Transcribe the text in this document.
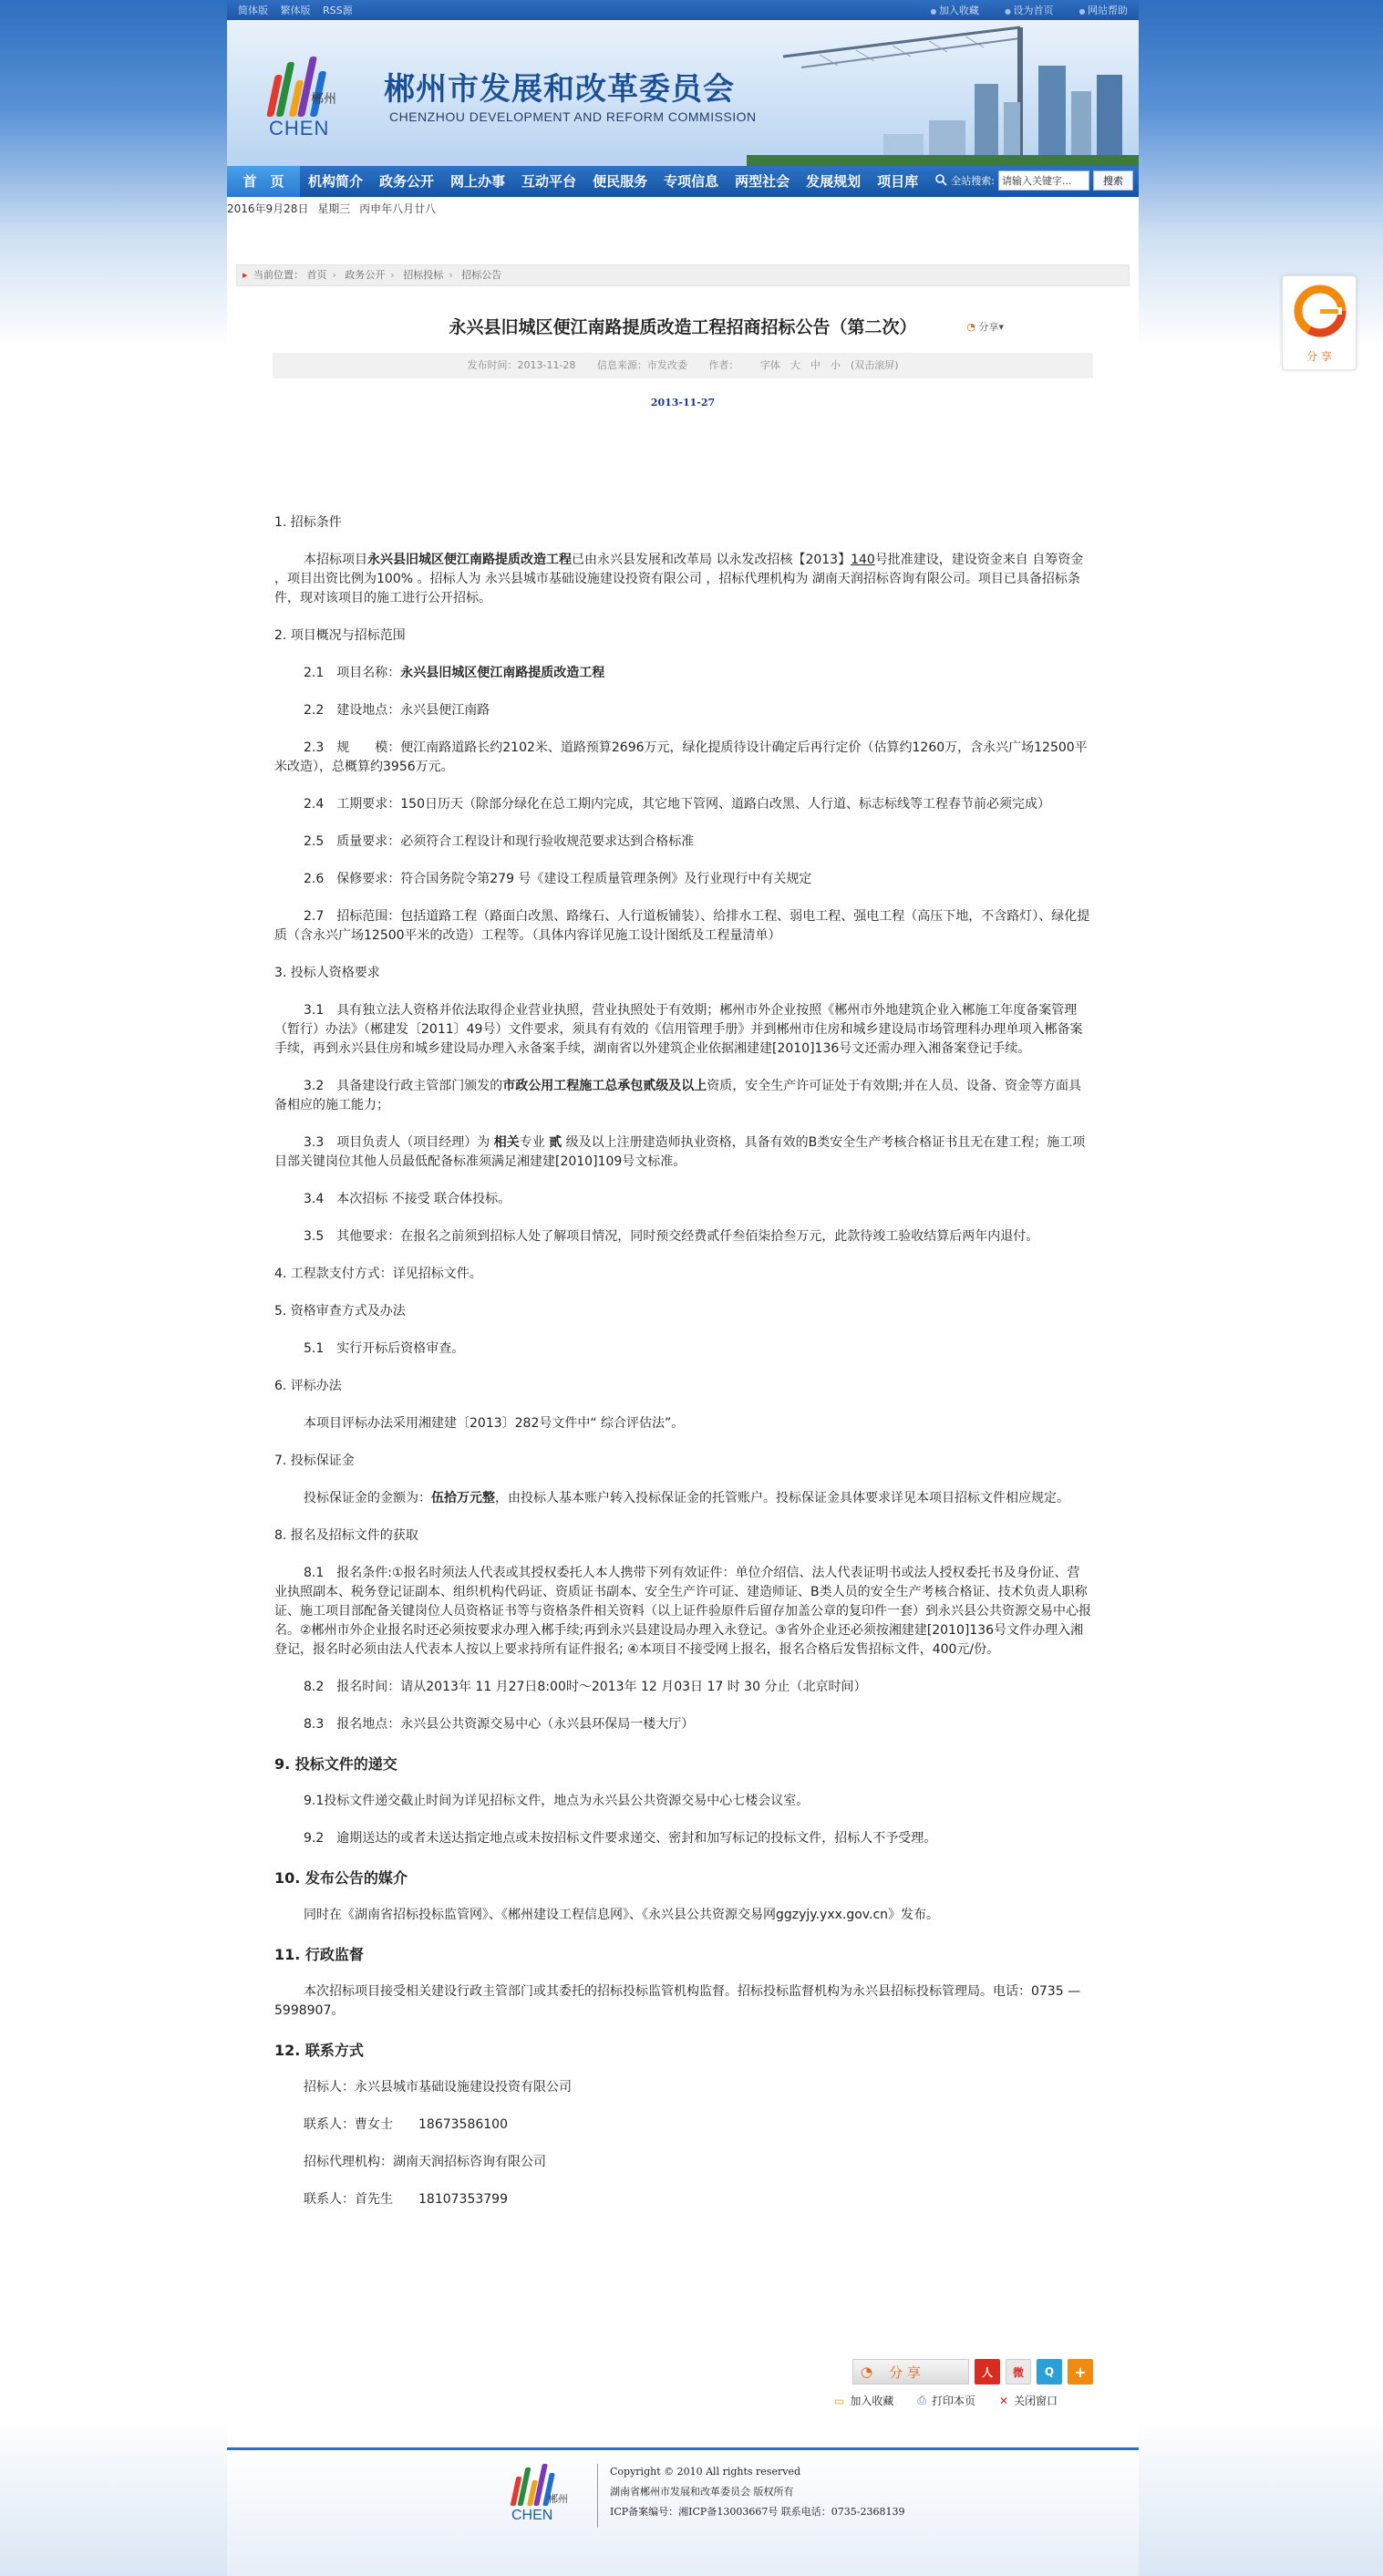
简体版 繁体版 RSS源	● 加入收藏	● 设为首页	● 网站帮助
郴州
CHEN
郴州市发展和改革委员会
CHENZHOU DEVELOPMENT AND REFORM COMMISSION
首　页	机构简介	政务公开	网上办事	互动平台	便民服务	专项信息	两型社会	发展规划	项目库	全站搜索:
请输入关键字...	搜索
2016年9月28日 星期三 丙申年八月廿八
▸ 当前位置： 首页 › 政务公开 › 招标投标 › 招标公告
永兴县旧城区便江南路提质改造工程招商招标公告（第二次）	◔ 分享▾
发布时间：2013-11-28 信息来源：市发改委 作者： 字体　大　中　小　(双击滚屏)
2013-11-27

1. 招标条件

本招标项目永兴县旧城区便江南路提质改造工程已由永兴县发展和改革局 以永发改招核【2013】140号批准建设，建设资金来自 自筹资金 ，项目出资比例为100% 。招标人为 永兴县城市基础设施建设投资有限公司 ，招标代理机构为 湖南天润招标咨询有限公司。项目已具备招标条件，现对该项目的施工进行公开招标。

2. 项目概况与招标范围

2.1　项目名称：永兴县旧城区便江南路提质改造工程

2.2　建设地点：永兴县便江南路

2.3　规　　模：便江南路道路长约2102米、道路预算2696万元，绿化提质待设计确定后再行定价（估算约1260万，含永兴广场12500平米改造），总概算约3956万元。

2.4　工期要求：150日历天（除部分绿化在总工期内完成，其它地下管网、道路白改黑、人行道、标志标线等工程春节前必须完成）

2.5　质量要求：必须符合工程设计和现行验收规范要求达到合格标准

2.6　保修要求：符合国务院令第279 号《建设工程质量管理条例》及行业现行中有关规定

2.7　招标范围：包括道路工程（路面白改黑、路缘石、人行道板铺装）、给排水工程、弱电工程、强电工程（高压下地，不含路灯）、绿化提质（含永兴广场12500平米的改造）工程等。（具体内容详见施工设计图纸及工程量清单）

3. 投标人资格要求

3.1　具有独立法人资格并依法取得企业营业执照，营业执照处于有效期；郴州市外企业按照《郴州市外地建筑企业入郴施工年度备案管理（暂行）办法》（郴建发〔2011〕49号）文件要求，须具有有效的《信用管理手册》并到郴州市住房和城乡建设局市场管理科办理单项入郴备案手续，再到永兴县住房和城乡建设局办理入永备案手续，湖南省以外建筑企业依据湘建建[2010]136号文还需办理入湘备案登记手续。

3.2　具备建设行政主管部门颁发的市政公用工程施工总承包贰级及以上资质，安全生产许可证处于有效期;并在人员、设备、资金等方面具备相应的施工能力；

3.3　项目负责人（项目经理）为 相关专业 贰 级及以上注册建造师执业资格，具备有效的B类安全生产考核合格证书且无在建工程；施工项目部关键岗位其他人员最低配备标准须满足湘建建[2010]109号文标准。

3.4　本次招标 不接受 联合体投标。

3.5　其他要求：在报名之前须到招标人处了解项目情况，同时预交经费贰仟叁佰柒拾叁万元，此款待竣工验收结算后两年内退付。

4. 工程款支付方式：详见招标文件。

5. 资格审查方式及办法

5.1　实行开标后资格审查。

6. 评标办法

本项目评标办法采用湘建建〔2013〕282号文件中“ 综合评估法”。

7. 投标保证金

投标保证金的金额为：伍拾万元整，由投标人基本账户转入投标保证金的托管账户。投标保证金具体要求详见本项目招标文件相应规定。

8. 报名及招标文件的获取

8.1　报名条件:①报名时须法人代表或其授权委托人本人携带下列有效证件：单位介绍信、法人代表证明书或法人授权委托书及身份证、营业执照副本、税务登记证副本、组织机构代码证、资质证书副本、安全生产许可证、建造师证、B类人员的安全生产考核合格证、技术负责人职称证、施工项目部配备关键岗位人员资格证书等与资格条件相关资料（以上证件验原件后留存加盖公章的复印件一套）到永兴县公共资源交易中心报名。②郴州市外企业报名时还必须按要求办理入郴手续;再到永兴县建设局办理入永登记。③省外企业还必须按湘建建[2010]136号文件办理入湘登记，报名时必须由法人代表本人按以上要求持所有证件报名; ④本项目不接受网上报名，报名合格后发售招标文件，400元/份。

8.2　报名时间：请从2013年 11 月27日8:00时～2013年 12 月03日 17 时 30 分止（北京时间）

8.3　报名地点：永兴县公共资源交易中心（永兴县环保局一楼大厅）

9. 投标文件的递交

9.1投标文件递交截止时间为详见招标文件，地点为永兴县公共资源交易中心七楼会议室。

9.2　逾期送达的或者未送达指定地点或未按招标文件要求递交、密封和加写标记的投标文件，招标人不予受理。

10. 发布公告的媒介

同时在《湖南省招标投标监管网》、《郴州建设工程信息网》、《永兴县公共资源交易网ggzyjy.yxx.gov.cn》发布。

11. 行政监督

本次招标项目接受相关建设行政主管部门或其委托的招标投标监管机构监督。招标投标监督机构为永兴县招标投标管理局。电话：0735 — 5998907。

12. 联系方式

招标人：永兴县城市基础设施建设投资有限公司

联系人：曹女士　　18673586100

招标代理机构：湖南天润招标咨询有限公司

联系人：首先生　　18107353799

◔ 分 享	人	微	Q	+
▭ 加入收藏 ⎙ 打印本页 ✕ 关闭窗口
郴州
CHEN
Copyright © 2010 All rights reserved
湖南省郴州市发展和改革委员会 版权所有
ICP备案编号：湘ICP备13003667号 联系电话：0735-2368139
分 享
